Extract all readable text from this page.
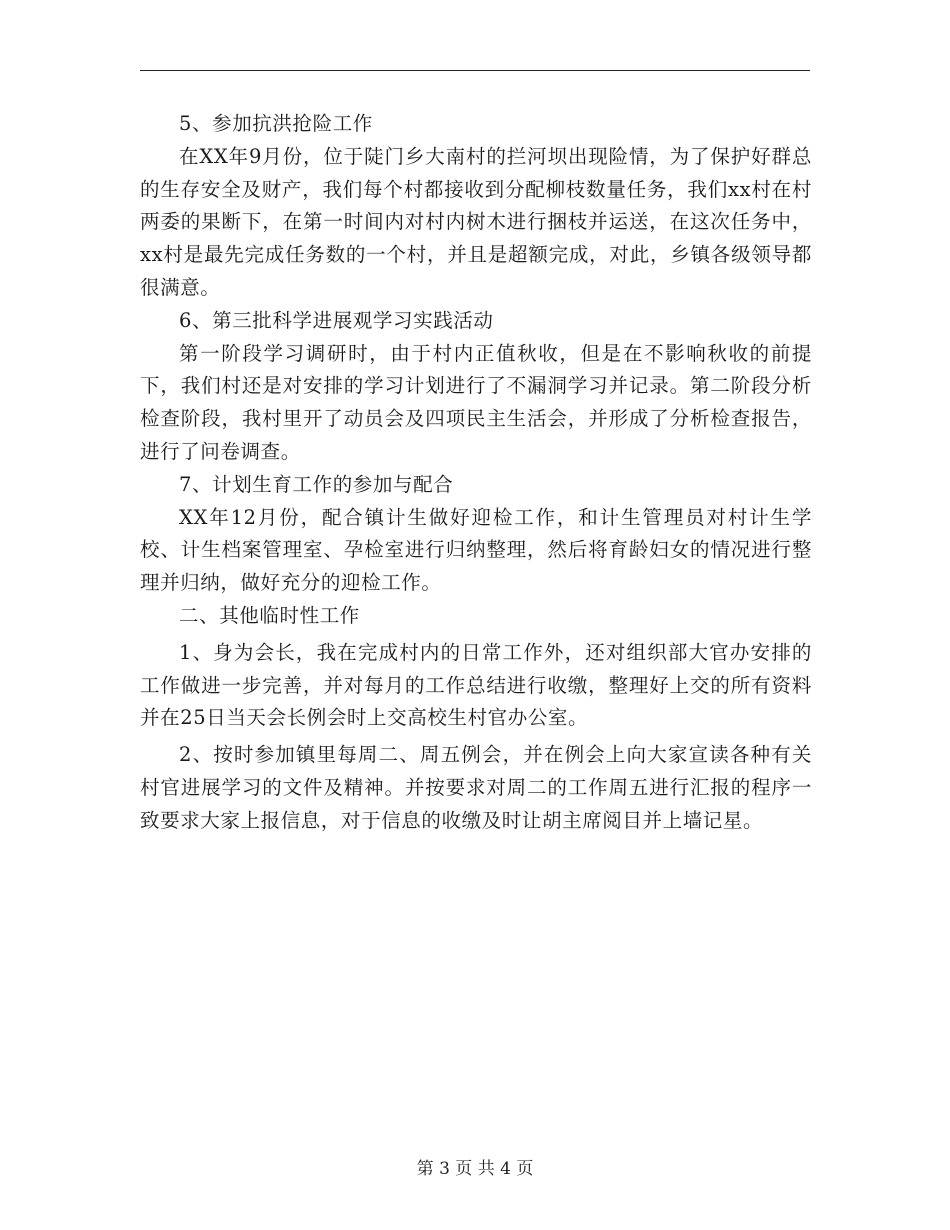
5、参加抗洪抢险工作

在XX年9月份，位于陡门乡大南村的拦河坝出现险情，为了保护好群总的生存安全及财产，我们每个村都接收到分配柳枝数量任务，我们xx村在村两委的果断下，在第一时间内对村内树木进行捆枝并运送，在这次任务中，xx村是最先完成任务数的一个村，并且是超额完成，对此，乡镇各级领导都很满意。

6、第三批科学进展观学习实践活动

第一阶段学习调研时，由于村内正值秋收，但是在不影响秋收的前提下，我们村还是对安排的学习计划进行了不漏洞学习并记录。第二阶段分析检查阶段，我村里开了动员会及四项民主生活会，并形成了分析检查报告，进行了问卷调查。

7、计划生育工作的参加与配合

XX年12月份，配合镇计生做好迎检工作，和计生管理员对村计生学校、计生档案管理室、孕检室进行归纳整理，然后将育龄妇女的情况进行整理并归纳，做好充分的迎检工作。

二、其他临时性工作

1、身为会长，我在完成村内的日常工作外，还对组织部大官办安排的工作做进一步完善，并对每月的工作总结进行收缴，整理好上交的所有资料并在25日当天会长例会时上交高校生村官办公室。

2、按时参加镇里每周二、周五例会，并在例会上向大家宣读各种有关村官进展学习的文件及精神。并按要求对周二的工作周五进行汇报的程序一致要求大家上报信息，对于信息的收缴及时让胡主席阅目并上墙记星。

第 3 页 共 4 页
